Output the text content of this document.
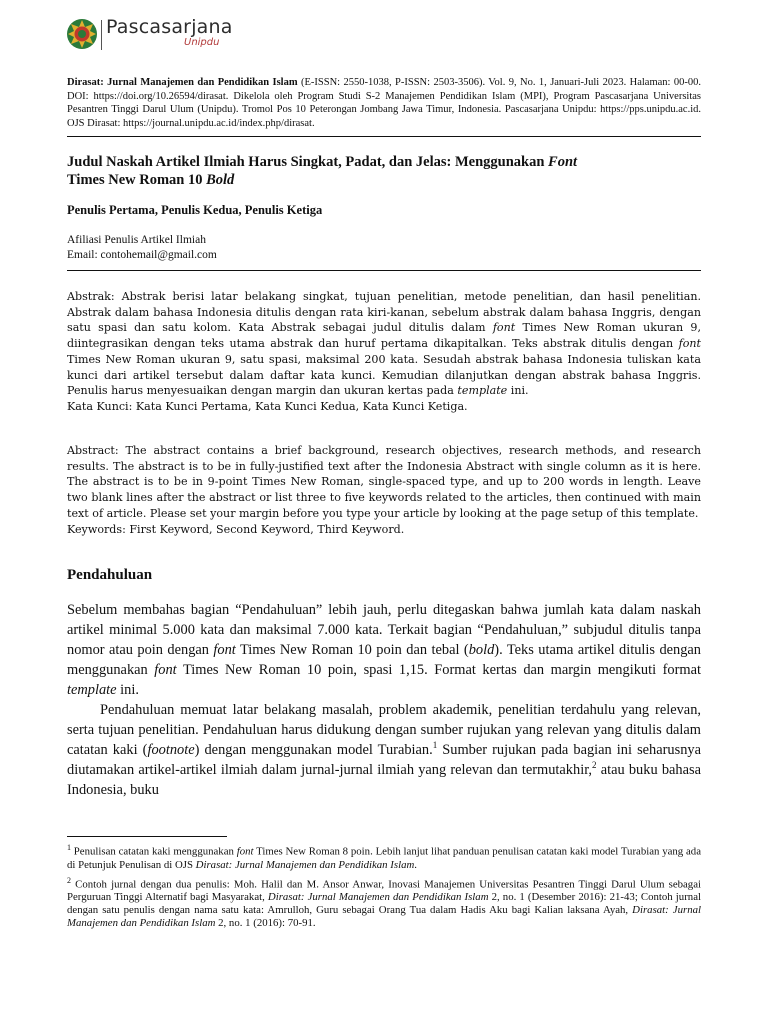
Pascasarjana
Unipdu
Dirasat: Jurnal Manajemen dan Pendidikan Islam (E-ISSN: 2550-1038, P-ISSN: 2503-3506). Vol. 9, No. 1, Januari-Juli 2023. Halaman: 00-00. DOI: https://doi.org/10.26594/dirasat. Dikelola oleh Program Studi S-2 Manajemen Pendidikan Islam (MPI), Program Pascasarjana Universitas Pesantren Tinggi Darul Ulum (Unipdu). Tromol Pos 10 Peterongan Jombang Jawa Timur, Indonesia. Pascasarjana Unipdu: https://pps.unipdu.ac.id. OJS Dirasat: https://journal.unipdu.ac.id/index.php/dirasat.
Judul Naskah Artikel Ilmiah Harus Singkat, Padat, dan Jelas: Menggunakan Font
Times New Roman 10 Bold
Penulis Pertama, Penulis Kedua, Penulis Ketiga
Afiliasi Penulis Artikel Ilmiah
Email: contohemail@gmail.com

Abstrak: Abstrak berisi latar belakang singkat, tujuan penelitian, metode penelitian, dan hasil penelitian. Abstrak dalam bahasa Indonesia ditulis dengan rata kiri-kanan, sebelum abstrak dalam bahasa Inggris, dengan satu spasi dan satu kolom. Kata Abstrak sebagai judul ditulis dalam font Times New Roman ukuran 9, diintegrasikan dengan teks utama abstrak dan huruf pertama dikapitalkan. Teks abstrak ditulis dengan font Times New Roman ukuran 9, satu spasi, maksimal 200 kata. Sesudah abstrak bahasa Indonesia tuliskan kata kunci dari artikel tersebut dalam daftar kata kunci. Kemudian dilanjutkan dengan abstrak bahasa Inggris. Penulis harus menyesuaikan dengan margin dan ukuran kertas pada template ini.

Kata Kunci: Kata Kunci Pertama, Kata Kunci Kedua, Kata Kunci Ketiga.

Abstract: The abstract contains a brief background, research objectives, research methods, and research results. The abstract is to be in fully-justified text after the Indonesia Abstract with single column as it is here. The abstract is to be in 9-point Times New Roman, single-spaced type, and up to 200 words in length. Leave two blank lines after the abstract or list three to five keywords related to the articles, then continued with main text of article. Please set your margin before you type your article by looking at the page setup of this template.

Keywords: First Keyword, Second Keyword, Third Keyword.

Pendahuluan

Sebelum membahas bagian “Pendahuluan” lebih jauh, perlu ditegaskan bahwa jumlah kata dalam naskah artikel minimal 5.000 kata dan maksimal 7.000 kata. Terkait bagian “Pendahuluan,” subjudul ditulis tanpa nomor atau poin dengan font Times New Roman 10 poin dan tebal (bold). Teks utama artikel ditulis dengan menggunakan font Times New Roman 10 poin, spasi 1,15. Format kertas dan margin mengikuti format template ini.

Pendahuluan memuat latar belakang masalah, problem akademik, penelitian terdahulu yang relevan, serta tujuan penelitian. Pendahuluan harus didukung dengan sumber rujukan yang relevan yang ditulis dalam catatan kaki (footnote) dengan menggunakan model Turabian.$^1$ Sumber rujukan pada bagian ini seharusnya diutamakan artikel-artikel ilmiah dalam jurnal-jurnal ilmiah yang relevan dan termutakhir,$^2$ atau buku bahasa Indonesia, buku

$^1$ Penulisan catatan kaki menggunakan font Times New Roman 8 poin. Lebih lanjut lihat panduan penulisan catatan kaki model Turabian yang ada di Petunjuk Penulisan di OJS Dirasat: Jurnal Manajemen dan Pendidikan Islam.

$^2$ Contoh jurnal dengan dua penulis: Moh. Halil dan M. Ansor Anwar, Inovasi Manajemen Universitas Pesantren Tinggi Darul Ulum sebagai Perguruan Tinggi Alternatif bagi Masyarakat, Dirasat: Jurnal Manajemen dan Pendidikan Islam 2, no. 1 (Desember 2016): 21-43; Contoh jurnal dengan satu penulis dengan nama satu kata: Amrulloh, Guru sebagai Orang Tua dalam Hadis Aku bagi Kalian laksana Ayah, Dirasat: Jurnal Manajemen dan Pendidikan Islam 2, no. 1 (2016): 70-91.
